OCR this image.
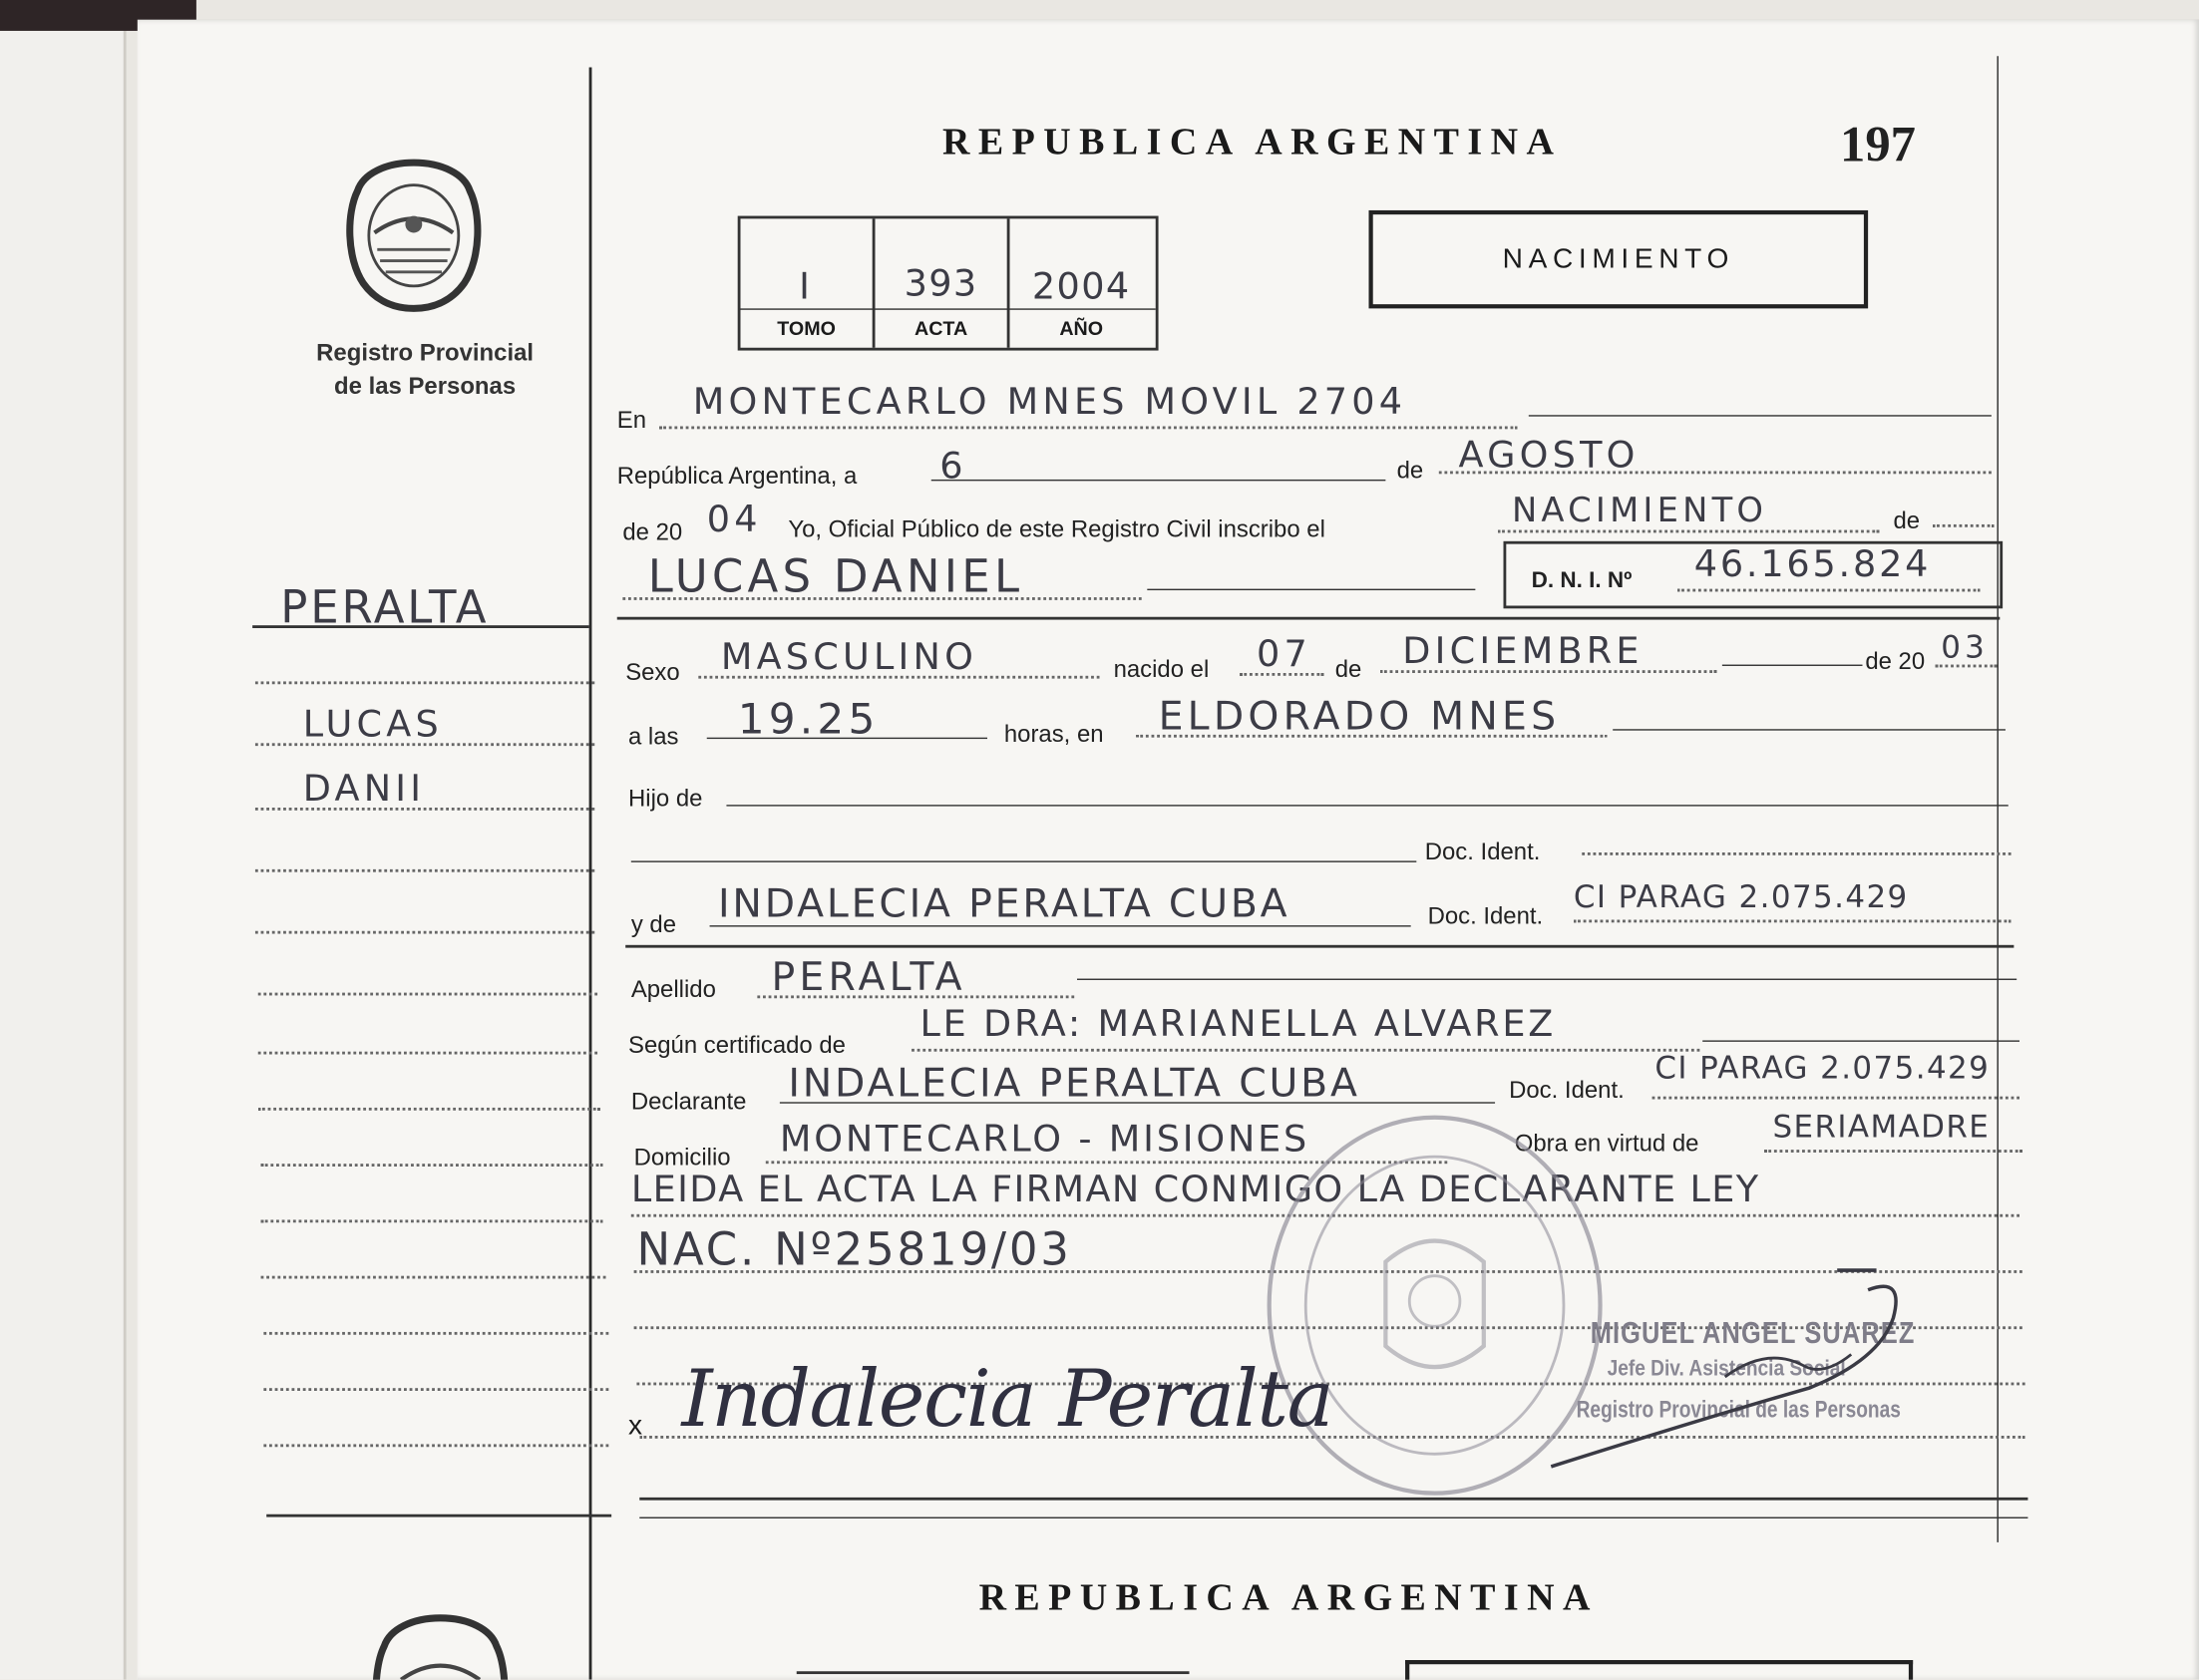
REPUBLICA ARGENTINA	197
Registro Provincial
de las Personas
I	393	2004
TOMO	ACTA	AÑO
NACIMIENTO
PERALTA
LUCAS
DANII
En MONTECARLO MNES MOVIL 2704
República Argentina, a	6	de AGOSTO
de 20 04 Yo, Oficial Público de este Registro Civil inscribo el	NACIMIENTO	de
LUCAS DANIEL	D. N. I. Nº 46.165.824
Sexo MASCULINO	nacido el 07 de DICIEMBRE	de 20 03
a las 19.25	horas, en ELDORADO MNES
Hijo de
Doc. Ident.
y de INDALECIA PERALTA CUBA	Doc. Ident.
CI PARAG 2.075.429
Apellido PERALTA
Según certificado de	LE DRA: MARIANELLA ALVAREZ
Declarante INDALECIA PERALTA CUBA	Doc. Ident.
CI PARAG 2.075.429
Domicilio MONTECARLO - MISIONES	Obra en virtud de	SERIAMADRE
LEIDA EL ACTA LA FIRMAN CONMIGO LA DECLARANTE LEY
NAC. Nº25819/03
x Indalecia Peralta
MIGUEL ANGEL SUAREZ
Jefe Div. Asistencia Social
Registro Provincial de las Personas
REPUBLICA ARGENTINA
